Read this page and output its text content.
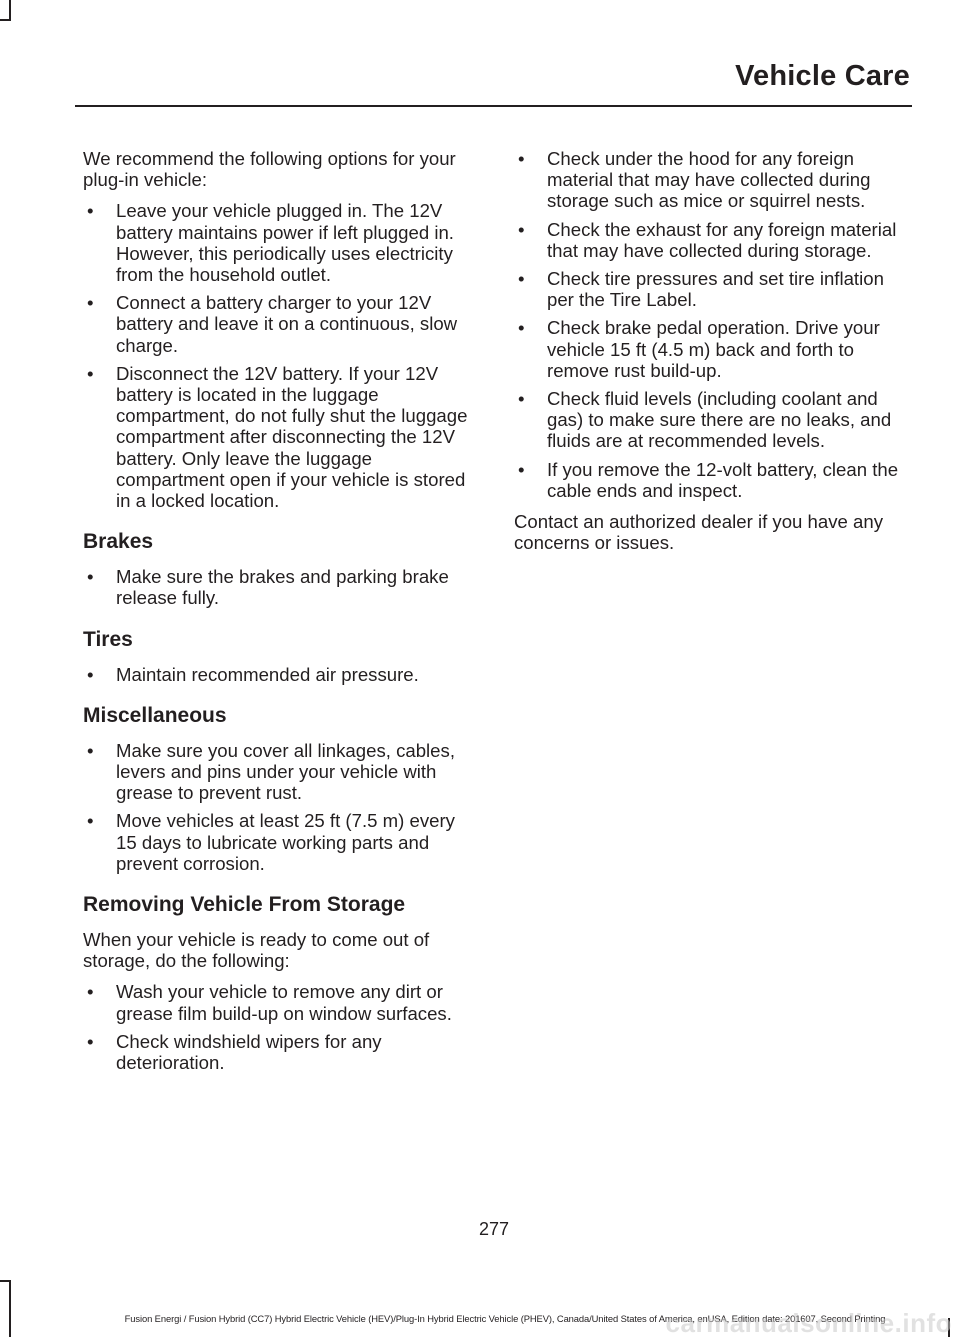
Vehicle Care

We recommend the following options for your plug-in vehicle:

• Leave your vehicle plugged in. The 12V battery maintains power if left plugged in. However, this periodically uses electricity from the household outlet.
• Connect a battery charger to your 12V battery and leave it on a continuous, slow charge.
• Disconnect the 12V battery. If your 12V battery is located in the luggage compartment, do not fully shut the luggage compartment after disconnecting the 12V battery. Only leave the luggage compartment open if your vehicle is stored in a locked location.
Brakes
• Make sure the brakes and parking brake release fully.
Tires
• Maintain recommended air pressure.
Miscellaneous
• Make sure you cover all linkages, cables, levers and pins under your vehicle with grease to prevent rust.
• Move vehicles at least 25 ft (7.5 m) every 15 days to lubricate working parts and prevent corrosion.
Removing Vehicle From Storage

When your vehicle is ready to come out of storage, do the following:

• Wash your vehicle to remove any dirt or grease film build-up on window surfaces.
• Check windshield wipers for any deterioration.
• Check under the hood for any foreign material that may have collected during storage such as mice or squirrel nests.
• Check the exhaust for any foreign material that may have collected during storage.
• Check tire pressures and set tire inflation per the Tire Label.
• Check brake pedal operation. Drive your vehicle 15 ft (4.5 m) back and forth to remove rust build-up.
• Check fluid levels (including coolant and gas) to make sure there are no leaks, and fluids are at recommended levels.
• If you remove the 12-volt battery, clean the cable ends and inspect.

Contact an authorized dealer if you have any concerns or issues.

277
Fusion Energi / Fusion Hybrid (CC7) Hybrid Electric Vehicle (HEV)/Plug-In Hybrid Electric Vehicle (PHEV), Canada/United States of America, enUSA, Edition date: 201607, Second Printing
carmanualsonline.info
